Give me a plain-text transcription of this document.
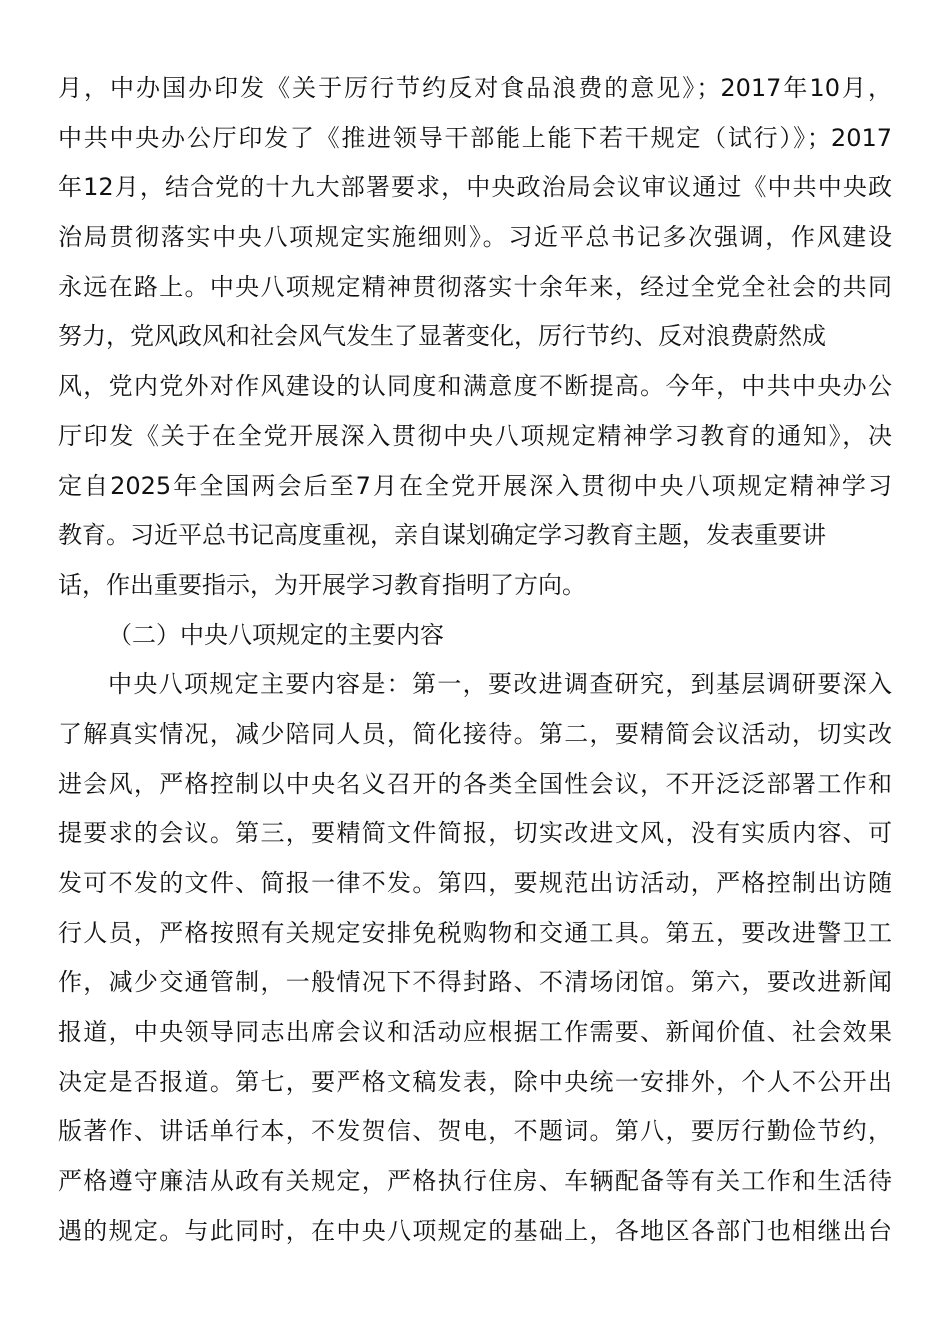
月，中办国办印发《关于厉行节约反对食品浪费的意见》；2017年10月，
中共中央办公厅印发了《推进领导干部能上能下若干规定（试行）》；2017
年12月，结合党的十九大部署要求，中央政治局会议审议通过《中共中央政
治局贯彻落实中央八项规定实施细则》。习近平总书记多次强调，作风建设
永远在路上。中央八项规定精神贯彻落实十余年来，经过全党全社会的共同
努力，党风政风和社会风气发生了显著变化，厉行节约、反对浪费蔚然成
风，党内党外对作风建设的认同度和满意度不断提高。今年，中共中央办公
厅印发《关于在全党开展深入贯彻中央八项规定精神学习教育的通知》，决
定自2025年全国两会后至7月在全党开展深入贯彻中央八项规定精神学习
教育。习近平总书记高度重视，亲自谋划确定学习教育主题，发表重要讲
话，作出重要指示，为开展学习教育指明了方向。
（二）中央八项规定的主要内容
中央八项规定主要内容是：第一，要改进调查研究，到基层调研要深入
了解真实情况，减少陪同人员，简化接待。第二，要精简会议活动，切实改
进会风，严格控制以中央名义召开的各类全国性会议，不开泛泛部署工作和
提要求的会议。第三，要精简文件简报，切实改进文风，没有实质内容、可
发可不发的文件、简报一律不发。第四，要规范出访活动，严格控制出访随
行人员，严格按照有关规定安排免税购物和交通工具。第五，要改进警卫工
作，减少交通管制，一般情况下不得封路、不清场闭馆。第六，要改进新闻
报道，中央领导同志出席会议和活动应根据工作需要、新闻价值、社会效果
决定是否报道。第七，要严格文稿发表，除中央统一安排外，个人不公开出
版著作、讲话单行本，不发贺信、贺电，不题词。第八，要厉行勤俭节约，
严格遵守廉洁从政有关规定，严格执行住房、车辆配备等有关工作和生活待
遇的规定。与此同时，在中央八项规定的基础上，各地区各部门也相继出台
